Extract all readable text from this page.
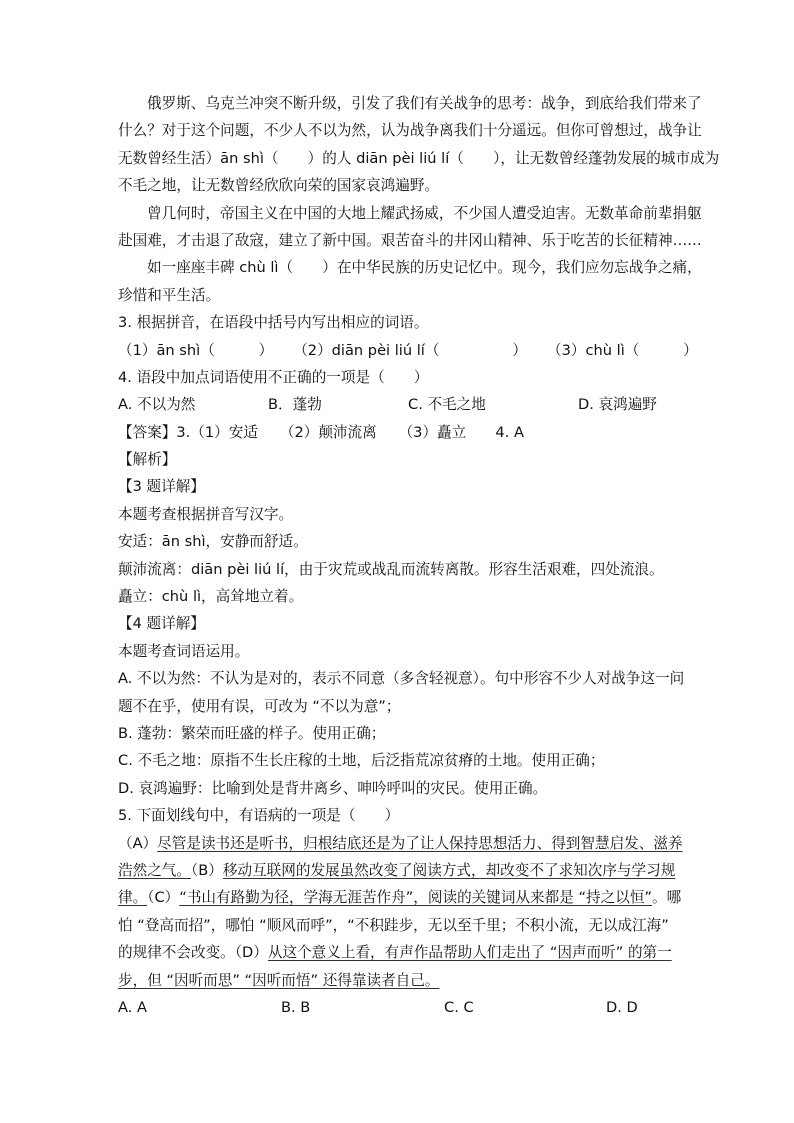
俄罗斯、乌克兰冲突不断升级，引发了我们有关战争的思考：战争，到底给我们带来了
什么？对于这个问题，不少人不以为然，认为战争离我们十分遥远。但你可曾想过，战争让
无数曾经生活）ān shì（　　）的人 diān pèi liú lí（　　），让无数曾经蓬勃发展的城市成为
不毛之地，让无数曾经欣欣向荣的国家哀鸿遍野。
曾几何时，帝国主义在中国的大地上耀武扬威，不少国人遭受迫害。无数革命前辈捐躯
赴国难，才击退了敌寇，建立了新中国。艰苦奋斗的井冈山精神、乐于吃苦的长征精神……
如一座座丰碑 chù lì（　　）在中华民族的历史记忆中。现今，我们应勿忘战争之痛，
珍惜和平生活。
3. 根据拼音，在语段中括号内写出相应的词语。
（1）ān shì（　　　） （2）diān pèi liú lí（　　　　　） （3）chù lì（　　　）
4. 语段中加点词语使用不正确的一项是（　　）
A. 不以为然	B．蓬勃	C. 不毛之地	D. 哀鸿遍野
【答案】3.（1）安适　　（2）颠沛流离　　（3）矗立　　4. A
【解析】
【3 题详解】
本题考查根据拼音写汉字。
安适：ān shì，安静而舒适。
颠沛流离：diān pèi liú lí，由于灾荒或战乱而流转离散。形容生活艰难，四处流浪。
矗立：chù lì，高耸地立着。
【4 题详解】
本题考查词语运用。
A. 不以为然：不认为是对的，表示不同意（多含轻视意）。句中形容不少人对战争这一问
题不在乎，使用有误，可改为 “不以为意”；
B. 蓬勃：繁荣而旺盛的样子。使用正确；
C. 不毛之地：原指不生长庄稼的土地，后泛指荒凉贫瘠的土地。使用正确；
D. 哀鸿遍野：比喻到处是背井离乡、呻吟呼叫的灾民。使用正确。
5. 下面划线句中，有语病的一项是（　　）
（A）尽管是读书还是听书，归根结底还是为了让人保持思想活力、得到智慧启发、滋养
浩然之气。（B）移动互联网的发展虽然改变了阅读方式，却改变不了求知次序与学习规
律。（C）“书山有路勤为径，学海无涯苦作舟”，阅读的关键词从来都是 “持之以恒”。哪
怕 “登高而招”，哪怕 “顺风而呼”，“不积跬步，无以至千里；不积小流，无以成江海”
的规律不会改变。（D）从这个意义上看，有声作品帮助人们走出了 “因声而听” 的第一
步，但 “因听而思” “因听而悟” 还得靠读者自己。
A. A	B. B	C. C	D. D
